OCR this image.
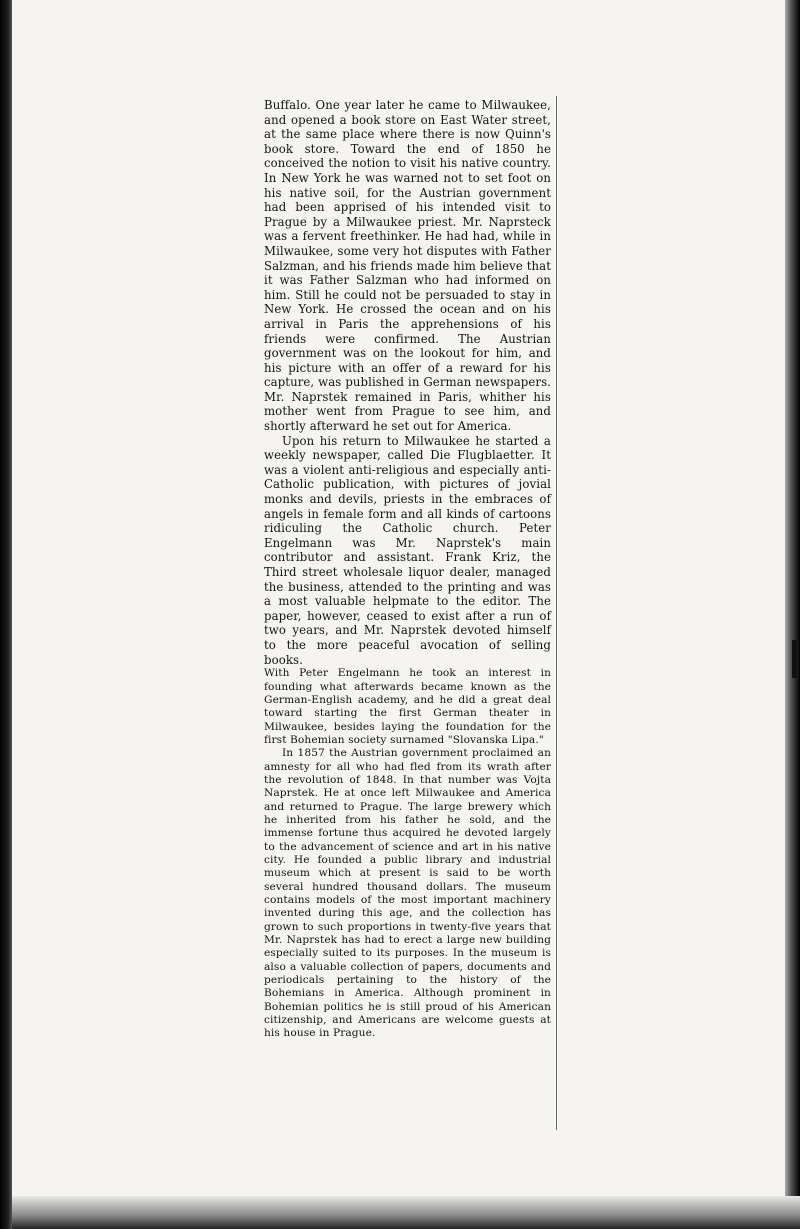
Buffalo. One year later he came to Milwaukee, and opened a book store on East Water street, at the same place where there is now Quinn's book store. Toward the end of 1850 he conceived the notion to visit his native country. In New York he was warned not to set foot on his native soil, for the Austrian government had been apprised of his intended visit to Prague by a Milwaukee priest. Mr. Naprsteck was a fervent freethinker. He had had, while in Milwaukee, some very hot disputes with Father Salzman, and his friends made him believe that it was Father Salzman who had informed on him. Still he could not be persuaded to stay in New York. He crossed the ocean and on his arrival in Paris the apprehensions of his friends were confirmed. The Austrian government was on the lookout for him, and his picture with an offer of a reward for his capture, was published in German newspapers. Mr. Naprstek remained in Paris, whither his mother went from Prague to see him, and shortly afterward he set out for America.

Upon his return to Milwaukee he started a weekly newspaper, called Die Flugblaetter. It was a violent anti-religious and especially anti-Catholic publication, with pictures of jovial monks and devils, priests in the embraces of angels in female form and all kinds of cartoons ridiculing the Catholic church. Peter Engelmann was Mr. Naprstek's main contributor and assistant. Frank Kriz, the Third street wholesale liquor dealer, managed the business, attended to the printing and was a most valuable helpmate to the editor. The paper, however, ceased to exist after a run of two years, and Mr. Naprstek devoted himself to the more peaceful avocation of selling books.

With Peter Engelmann he took an interest in founding what afterwards became known as the German-English academy, and he did a great deal toward starting the first German theater in Milwaukee, besides laying the foundation for the first Bohemian society surnamed "Slovanska Lipa."

In 1857 the Austrian government proclaimed an amnesty for all who had fled from its wrath after the revolution of 1848. In that number was Vojta Naprstek. He at once left Milwaukee and America and returned to Prague. The large brewery which he inherited from his father he sold, and the immense fortune thus acquired he devoted largely to the advancement of science and art in his native city. He founded a public library and industrial museum which at present is said to be worth several hundred thousand dollars. The museum contains models of the most important machinery invented during this age, and the collection has grown to such proportions in twenty-five years that Mr. Naprstek has had to erect a large new building especially suited to its purposes. In the museum is also a valuable collection of papers, documents and periodicals pertaining to the history of the Bohemians in America. Although prominent in Bohemian politics he is still proud of his American citizenship, and Americans are welcome guests at his house in Prague.
